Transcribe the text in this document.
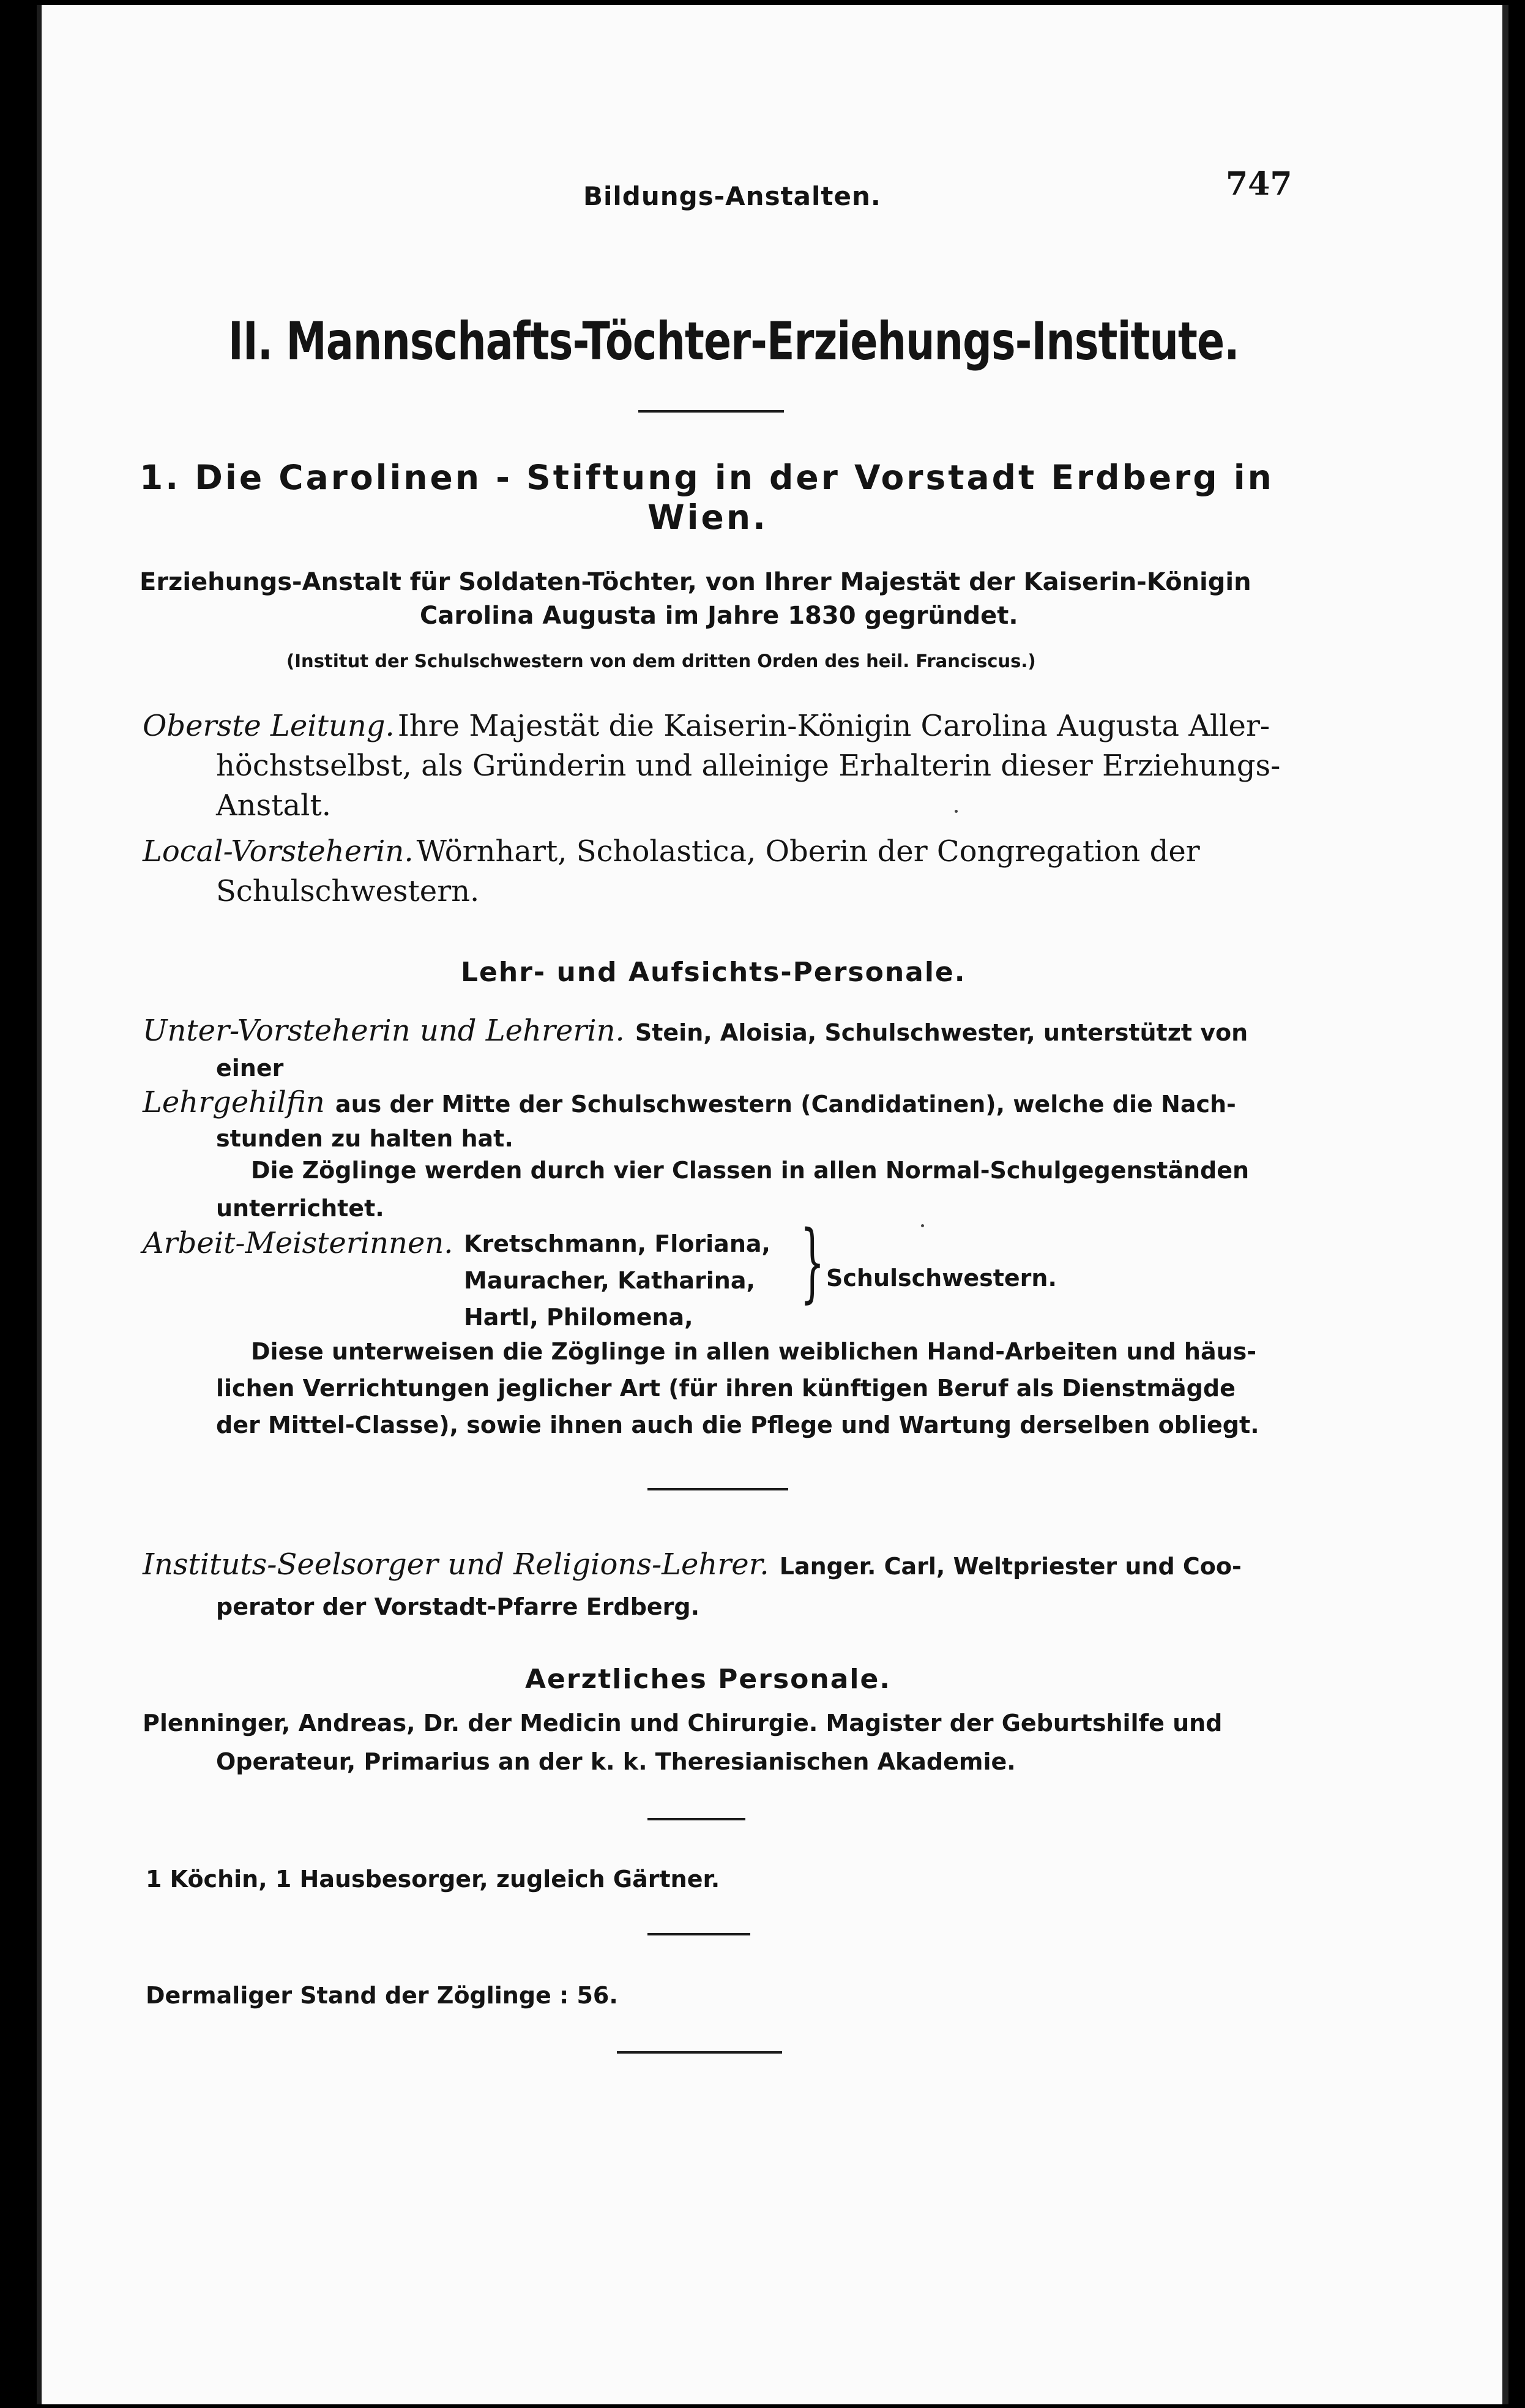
Bildungs-Anstalten.	747
II. Mannschafts-Töchter-Erziehungs-Institute.
1. Die Carolinen - Stiftung in der Vorstadt Erdberg in
Wien.
Erziehungs-Anstalt für Soldaten-Töchter, von Ihrer Majestät der Kaiserin-Königin
Carolina Augusta im Jahre 1830 gegründet.
(Institut der Schulschwestern von dem dritten Orden des heil. Franciscus.)
Oberste Leitung. Ihre Majestät die Kaiserin-Königin Carolina Augusta Aller-
höchstselbst, als Gründerin und alleinige Erhalterin dieser Erziehungs-
Anstalt.
Local-Vorsteherin. Wörnhart, Scholastica, Oberin der Congregation der
Schulschwestern.
Lehr- und Aufsichts-Personale.
Unter-Vorsteherin und Lehrerin. Stein, Aloisia, Schulschwester, unterstützt von
einer
Lehrgehilfin aus der Mitte der Schulschwestern (Candidatinen), welche die Nach-
stunden zu halten hat.
Die Zöglinge werden durch vier Classen in allen Normal-Schulgegenständen
unterrichtet.
Arbeit-Meisterinnen. Kretschmann, Floriana,
Mauracher, Katharina,
Hartl, Philomena,
} Schulschwestern.
Diese unterweisen die Zöglinge in allen weiblichen Hand-Arbeiten und häus-
lichen Verrichtungen jeglicher Art (für ihren künftigen Beruf als Dienstmägde
der Mittel-Classe), sowie ihnen auch die Pflege und Wartung derselben obliegt.
Instituts-Seelsorger und Religions-Lehrer. Langer. Carl, Weltpriester und Coo-
perator der Vorstadt-Pfarre Erdberg.
Aerztliches Personale.
Plenninger, Andreas, Dr. der Medicin und Chirurgie. Magister der Geburtshilfe und
Operateur, Primarius an der k. k. Theresianischen Akademie.
1 Köchin, 1 Hausbesorger, zugleich Gärtner.
Dermaliger Stand der Zöglinge : 56.
